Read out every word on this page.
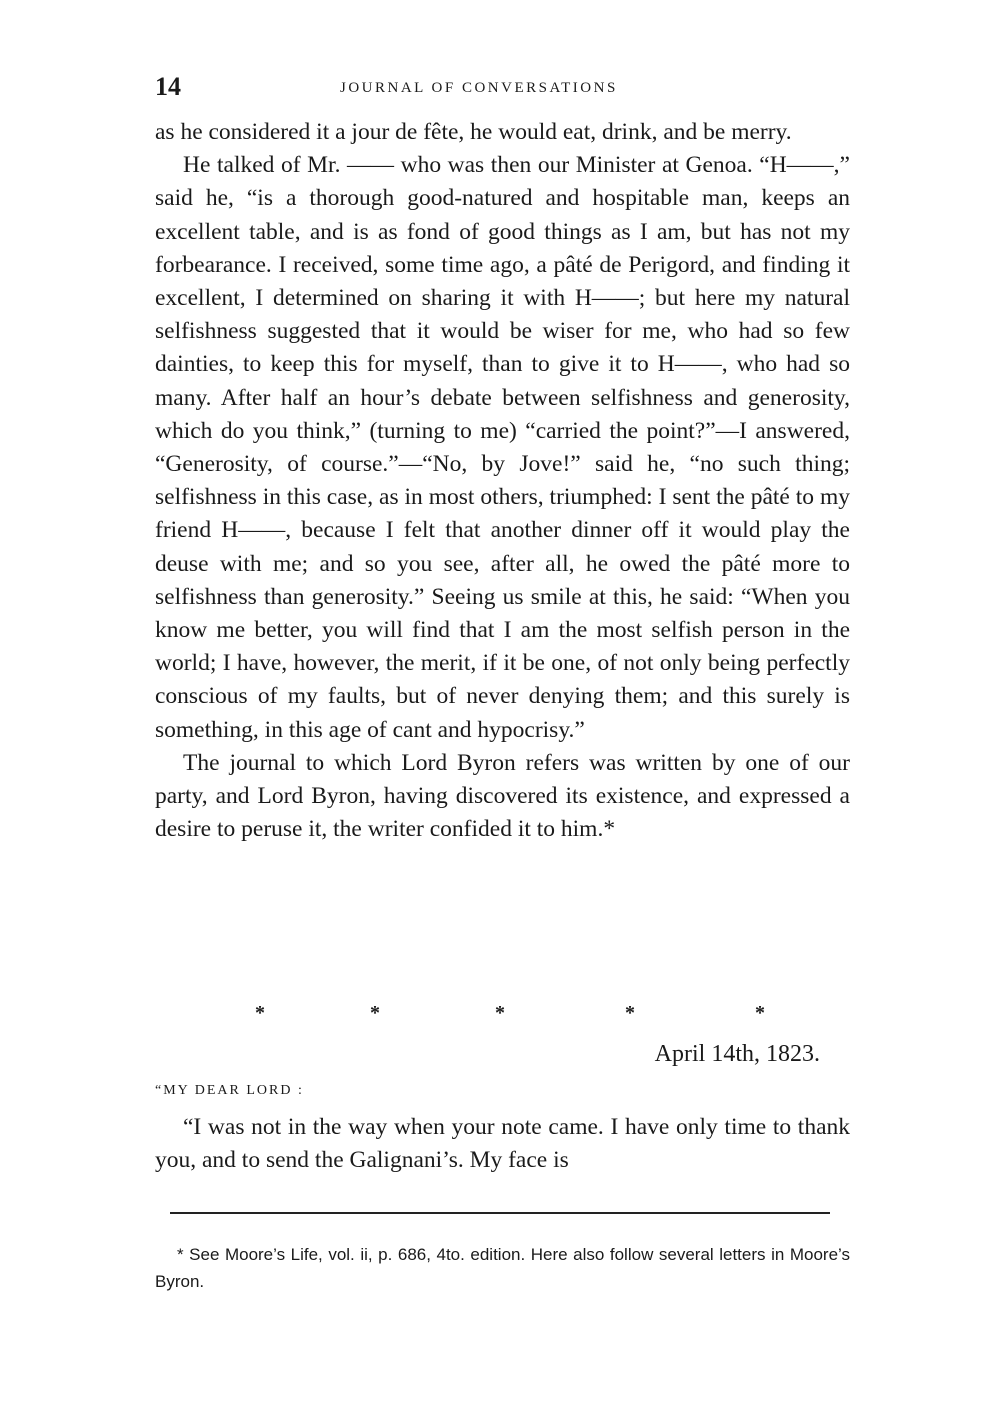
14	JOURNAL OF CONVERSATIONS

as he considered it a jour de fête, he would eat, drink, and be merry.

He talked of Mr. —— who was then our Minister at Genoa. “H——,” said he, “is a thorough good-natured and hospitable man, keeps an excellent table, and is as fond of good things as I am, but has not my forbearance. I received, some time ago, a pâté de Perigord, and finding it excellent, I determined on sharing it with H——; but here my natural selfishness suggested that it would be wiser for me, who had so few dainties, to keep this for myself, than to give it to H——, who had so many. After half an hour’s debate between selfishness and generosity, which do you think,” (turning to me) “carried the point?”—I answered, “Generosity, of course.”—“No, by Jove!” said he, “no such thing; selfishness in this case, as in most others, triumphed: I sent the pâté to my friend H——, because I felt that another dinner off it would play the deuse with me; and so you see, after all, he owed the pâté more to selfishness than generosity.” Seeing us smile at this, he said: “When you know me better, you will find that I am the most selfish person in the world; I have, however, the merit, if it be one, of not only being perfectly conscious of my faults, but of never denying them; and this surely is something, in this age of cant and hypocrisy.”

The journal to which Lord Byron refers was written by one of our party, and Lord Byron, having discovered its existence, and expressed a desire to peruse it, the writer confided it to him.*

*	*	*	*	*
April 14th, 1823.
“MY DEAR LORD :

“I was not in the way when your note came. I have only time to thank you, and to send the Galignani’s. My face is

* See Moore’s Life, vol. ii, p. 686, 4to. edition. Here also follow several letters in Moore’s Byron.
